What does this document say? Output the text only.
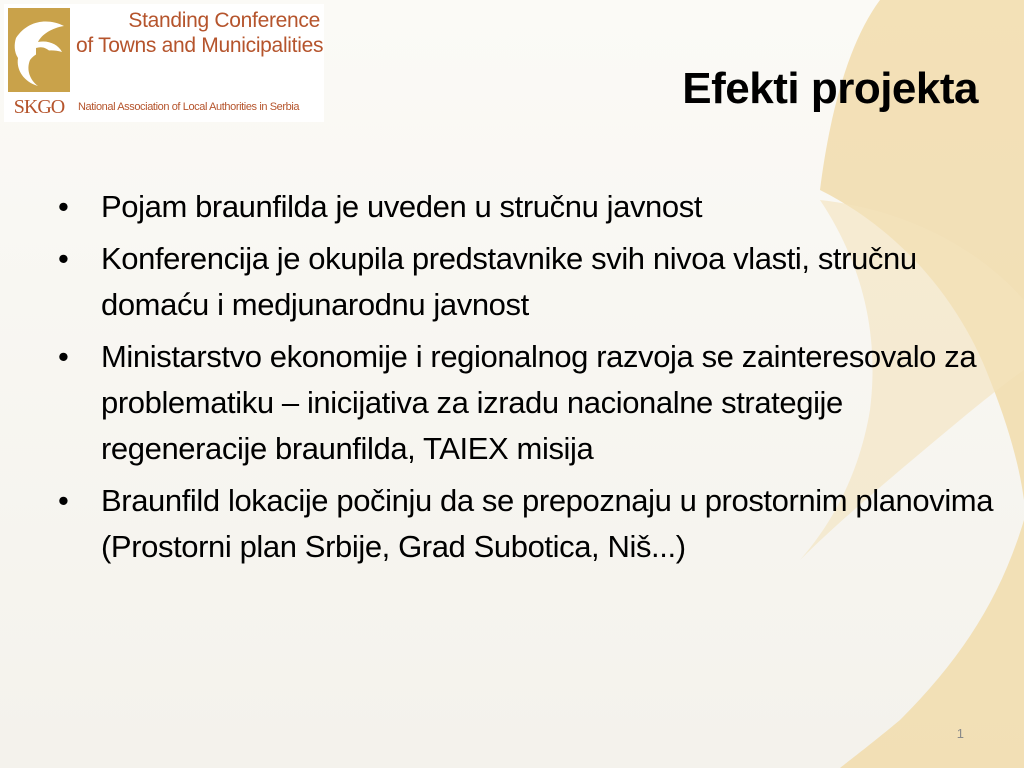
SKGO
Standing Conference
of Towns and Municipalities
National Association of Local Authorities in Serbia	Efekti projekta
• Pojam braunfilda je uveden u stručnu javnost
• Konferencija je okupila predstavnike svih nivoa vlasti, stručnu domaću i medjunarodnu javnost
• Ministarstvo ekonomije i regionalnog razvoja se zainteresovalo za problematiku – inicijativa za izradu nacionalne strategije regeneracije braunfilda, TAIEX misija
• Braunfild lokacije počinju da se prepoznaju u prostornim planovima (Prostorni plan Srbije, Grad Subotica, Niš...)
1
